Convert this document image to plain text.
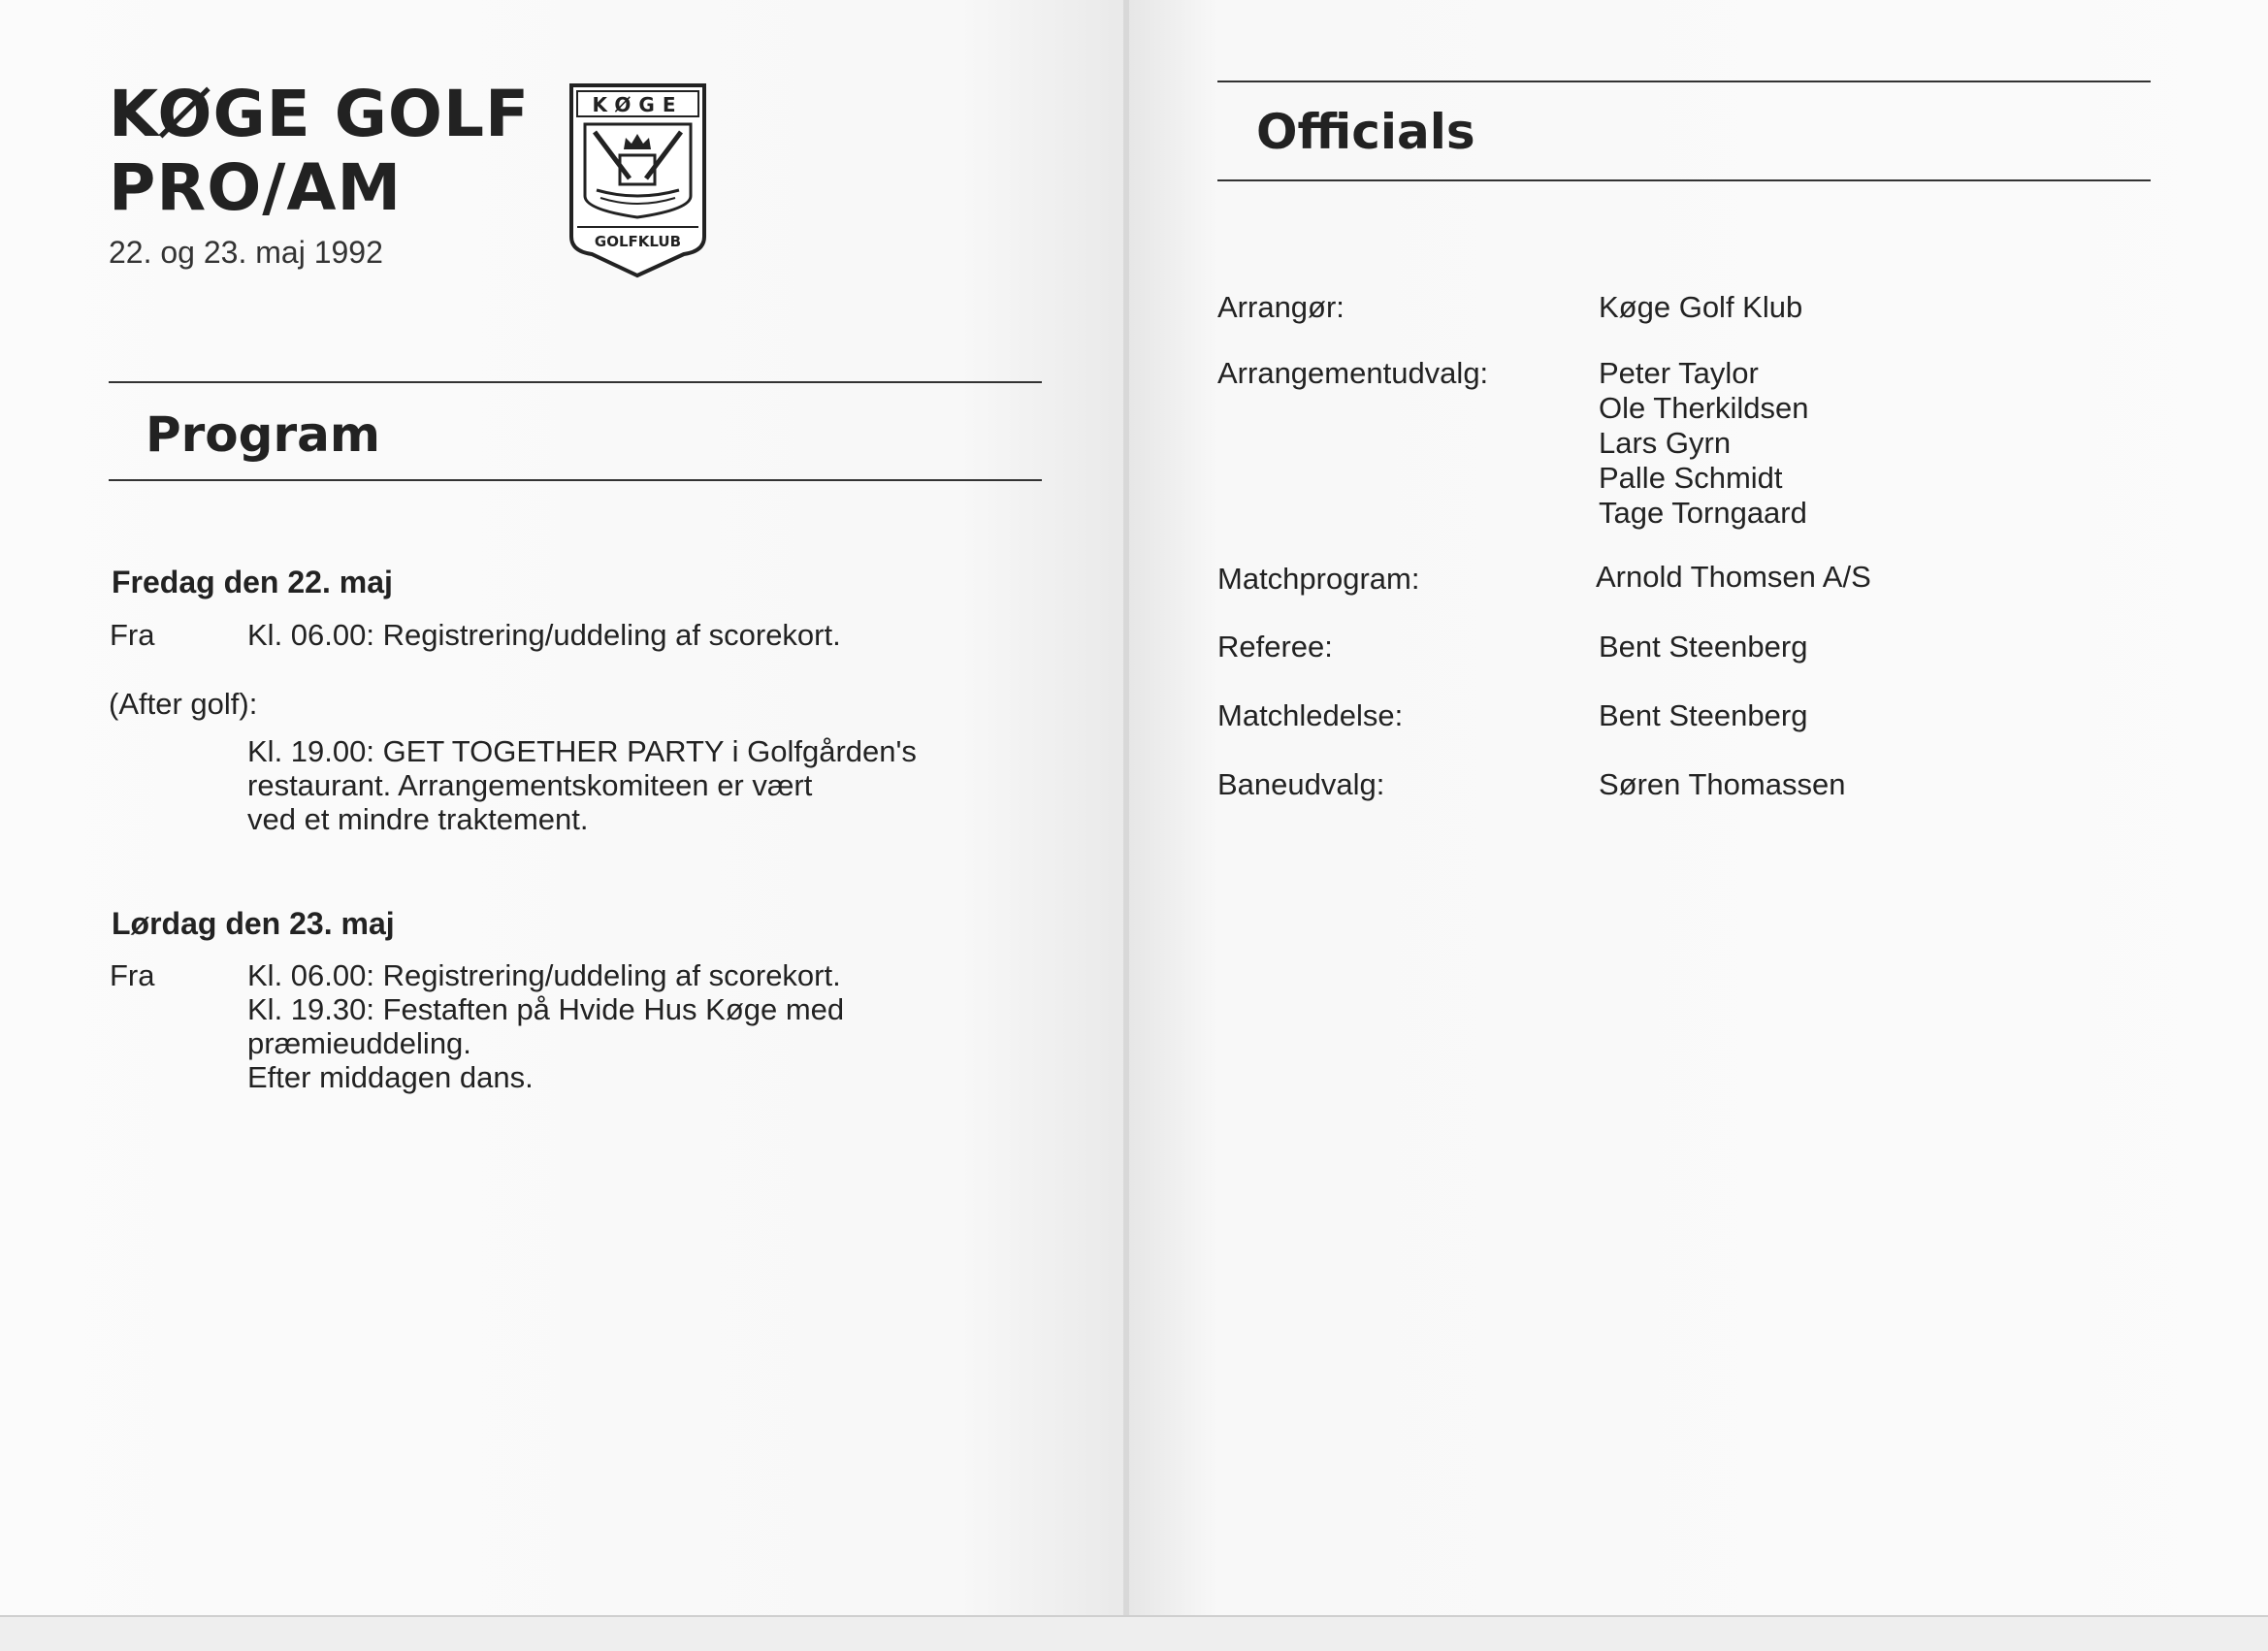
KØGE GOLF
PRO/AM
22. og 23. maj 1992
KØGE
GOLFKLUB
Program
Fredag den 22. maj
Fra	Kl. 06.00: Registrering/uddeling af scorekort.
(After golf):
Kl. 19.00: GET TOGETHER PARTY i Golfgården's
restaurant. Arrangementskomiteen er vært
ved et mindre traktement.
Lørdag den 23. maj
Fra	Kl. 06.00: Registrering/uddeling af scorekort.
Kl. 19.30: Festaften på Hvide Hus Køge med
præmieuddeling.
Efter middagen dans.
Officials
Arrangør:	Køge Golf Klub
Arrangementudvalg:	Peter Taylor
Ole Therkildsen
Lars Gyrn
Palle Schmidt
Tage Torngaard
Matchprogram:	Arnold Thomsen A/S
Referee:	Bent Steenberg
Matchledelse:	Bent Steenberg
Baneudvalg:	Søren Thomassen
